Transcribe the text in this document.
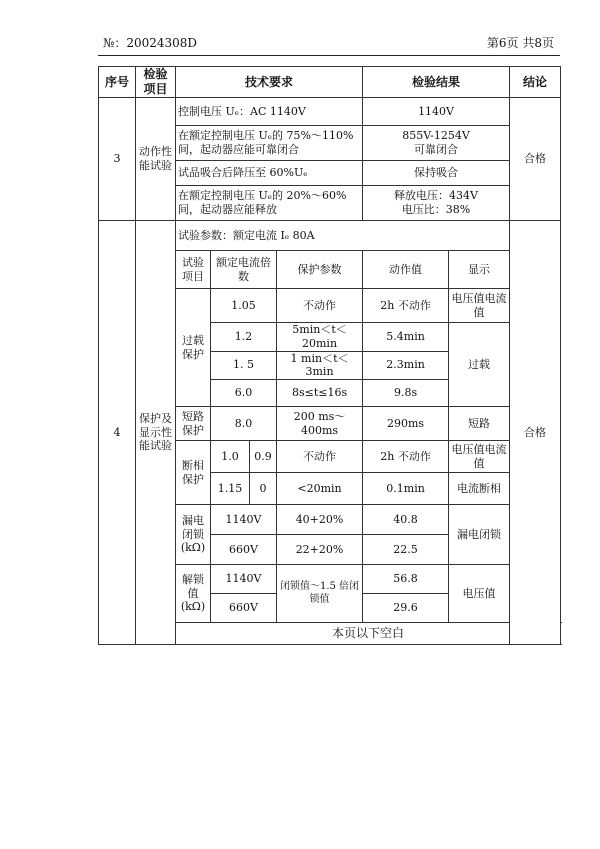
№：20024308D	第6页 共8页
序号	检验项目	技术要求				检验结果		结论
3	动作性能试验	控制电压 Uₑ：AC 1140V				1140V		合格
		在额定控制电压 Uₑ的 75%～110%间，起动器应能可靠闭合				855V-1254V
可靠闭合		
		试品吸合后降压至 60%Uₑ				保持吸合		
		在额定控制电压 Uₑ的 20%～60%间，起动器应能释放				释放电压：434V
电压比：38%		
4	保护及显示性能试验	试验参数：额定电流 Iₑ 80A						合格
		试验项目	额定电流倍数		保护参数	动作值	显示	
		过载保护	1.05		不动作	2h 不动作	电压值电流值	
			1.2		5min＜t＜20min	5.4min	过载	
			1. 5		1 min＜t＜3min	2.3min		
			6.0		8s≤t≤16s	9.8s		
		短路保护	8.0		200 ms～400ms	290ms	短路	
		断相保护	1.0	0.9	不动作	2h 不动作	电压值电流值	
			1.15	0	<20min	0.1min	电流断相	
		漏电闭锁(kΩ)	1140V		40+20%	40.8	漏电闭锁	
			660V		22+20%	22.5		
		解锁值(kΩ)	1140V		闭锁值～1.5 倍闭锁值	56.8	电压值	
			660V			29.6		

		本页以下空白						
